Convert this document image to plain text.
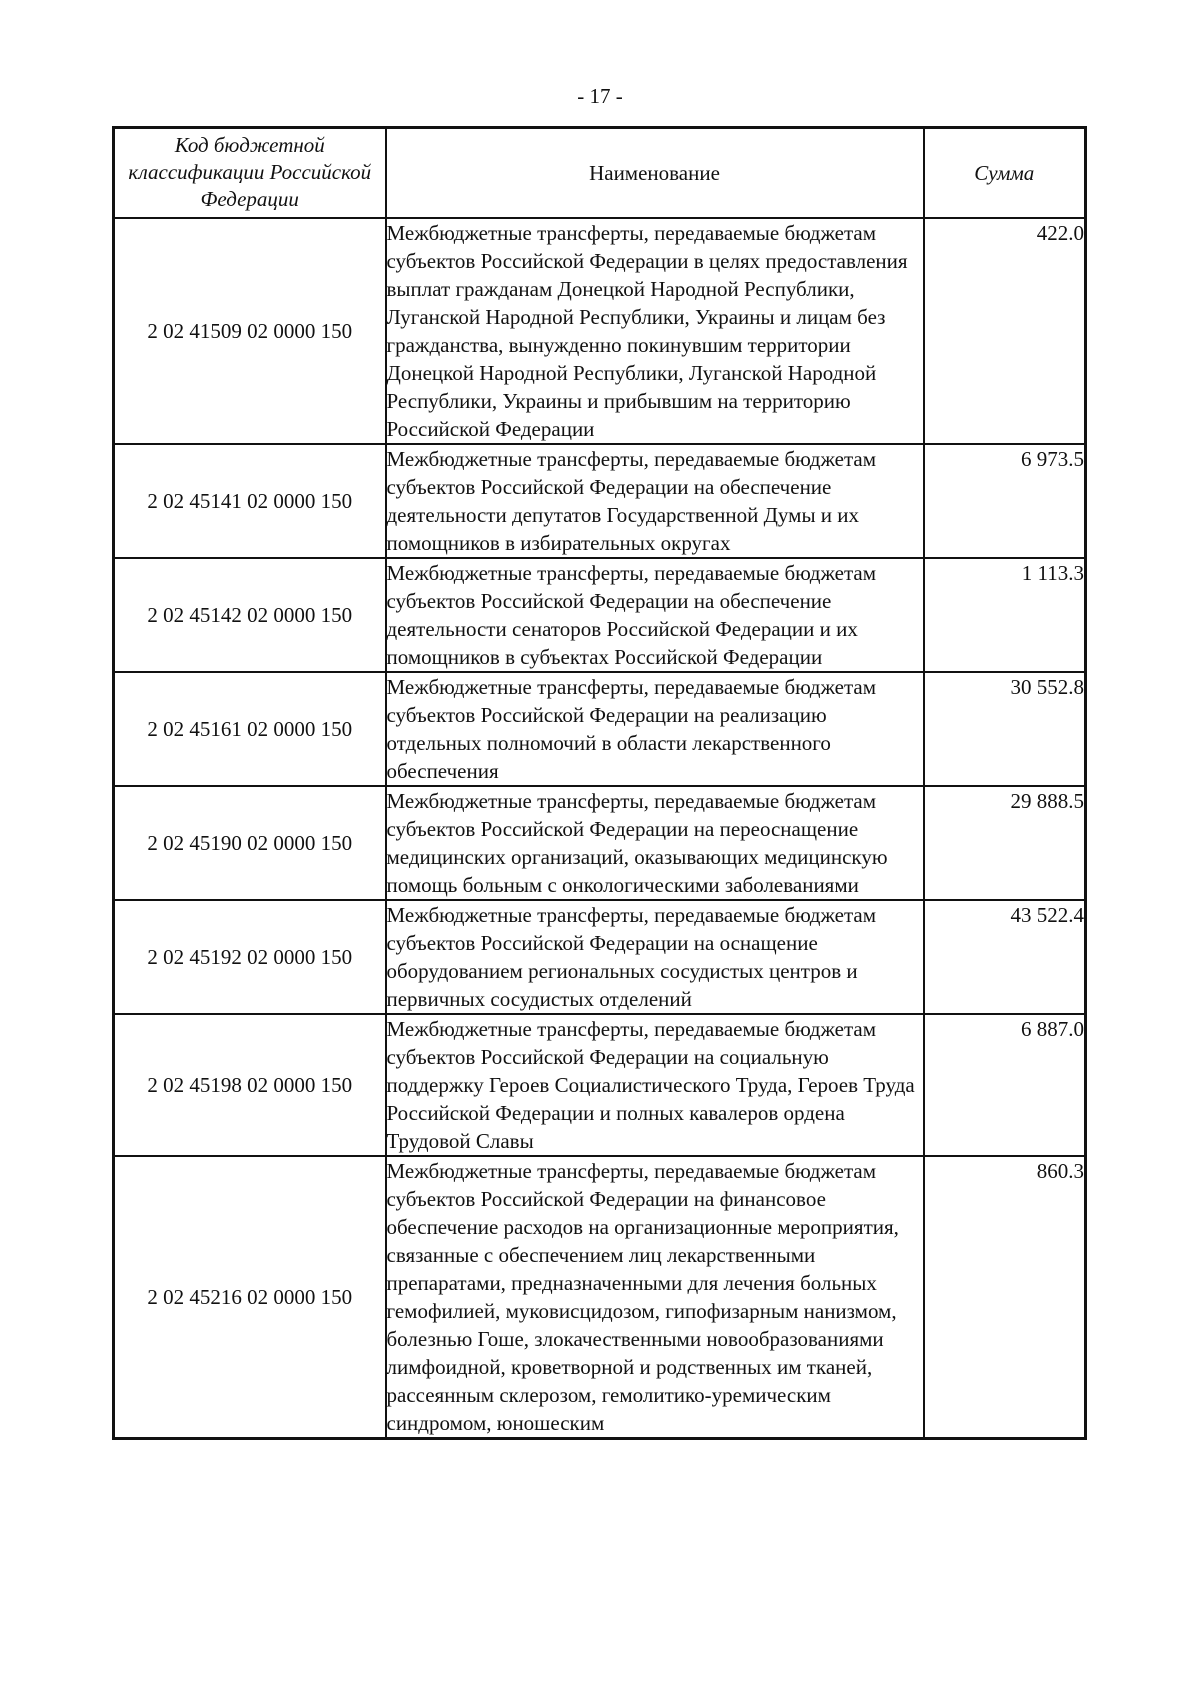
- 17 -
Код бюджетной классификации Российской Федерации	Наименование	Сумма
2 02 41509 02 0000 150	Межбюджетные трансферты, передаваемые бюджетам субъектов Российской Федерации в целях предоставления выплат гражданам Донецкой Народной Республики, Луганской Народной Республики, Украины и лицам без гражданства, вынужденно покинувшим территории Донецкой Народной Республики, Луганской Народной Республики, Украины и прибывшим на территорию Российской Федерации	422.0
2 02 45141 02 0000 150	Межбюджетные трансферты, передаваемые бюджетам субъектов Российской Федерации на обеспечение деятельности депутатов Государственной Думы и их помощников в избирательных округах	6 973.5
2 02 45142 02 0000 150	Межбюджетные трансферты, передаваемые бюджетам субъектов Российской Федерации на обеспечение деятельности сенаторов Российской Федерации и их помощников в субъектах Российской Федерации	1 113.3
2 02 45161 02 0000 150	Межбюджетные трансферты, передаваемые бюджетам субъектов Российской Федерации на реализацию отдельных полномочий в области лекарственного обеспечения	30 552.8
2 02 45190 02 0000 150	Межбюджетные трансферты, передаваемые бюджетам субъектов Российской Федерации на переоснащение медицинских организаций, оказывающих медицинскую помощь больным с онкологическими заболеваниями	29 888.5
2 02 45192 02 0000 150	Межбюджетные трансферты, передаваемые бюджетам субъектов Российской Федерации на оснащение оборудованием региональных сосудистых центров и первичных сосудистых отделений	43 522.4
2 02 45198 02 0000 150	Межбюджетные трансферты, передаваемые бюджетам субъектов Российской Федерации на социальную поддержку Героев Социалистического Труда, Героев Труда Российской Федерации и полных кавалеров ордена Трудовой Славы	6 887.0
2 02 45216 02 0000 150	Межбюджетные трансферты, передаваемые бюджетам субъектов Российской Федерации на финансовое обеспечение расходов на организационные мероприятия, связанные с обеспечением лиц лекарственными препаратами, предназначенными для лечения больных гемофилией, муковисцидозом, гипофизарным нанизмом, болезнью Гоше, злокачественными новообразованиями лимфоидной, кроветворной и родственных им тканей, рассеянным склерозом, гемолитико-уремическим синдромом, юношеским	860.3
